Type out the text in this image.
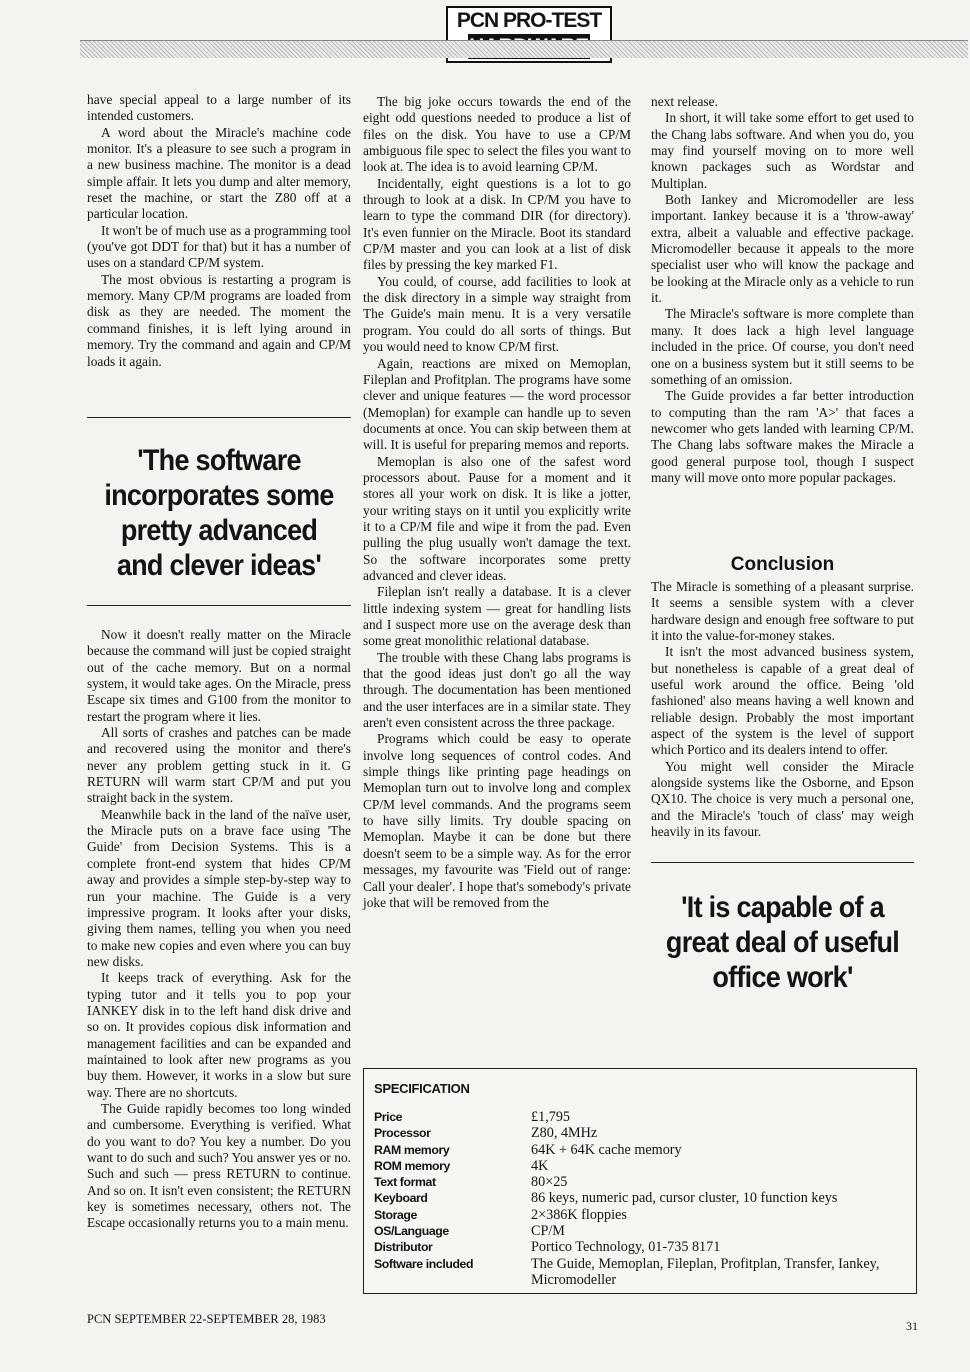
PCN PRO-TEST

have special appeal to a large number of its intended customers.

A word about the Miracle's machine code monitor. It's a pleasure to see such a program in a new business machine. The monitor is a dead simple affair. It lets you dump and alter memory, reset the machine, or start the Z80 off at a particular location.

It won't be of much use as a programming tool (you've got DDT for that) but it has a number of uses on a standard CP/M system.

The most obvious is restarting a program is memory. Many CP/M programs are loaded from disk as they are needed. The moment the command finishes, it is left lying around in memory. Try the command and again and CP/M loads it again.

'The software incorporates some pretty advanced and clever ideas'

Now it doesn't really matter on the Miracle because the command will just be copied straight out of the cache memory. But on a normal system, it would take ages. On the Miracle, press Escape six times and G100 from the monitor to restart the program where it lies.

All sorts of crashes and patches can be made and recovered using the monitor and there's never any problem getting stuck in it. G RETURN will warm start CP/M and put you straight back in the system.

Meanwhile back in the land of the naïve user, the Miracle puts on a brave face using 'The Guide' from Decision Systems. This is a complete front-end system that hides CP/M away and provides a simple step-by-step way to run your machine. The Guide is a very impressive program. It looks after your disks, giving them names, telling you when you need to make new copies and even where you can buy new disks.

It keeps track of everything. Ask for the typing tutor and it tells you to pop your IANKEY disk in to the left hand disk drive and so on. It provides copious disk information and management facilities and can be expanded and maintained to look after new programs as you buy them. However, it works in a slow but sure way. There are no shortcuts.

The Guide rapidly becomes too long winded and cumbersome. Everything is verified. What do you want to do? You key a number. Do you want to do such and such? You answer yes or no. Such and such — press RETURN to continue. And so on. It isn't even consistent; the RETURN key is sometimes necessary, others not. The Escape occasionally returns you to a main menu.

The big joke occurs towards the end of the eight odd questions needed to produce a list of files on the disk. You have to use a CP/M ambiguous file spec to select the files you want to look at. The idea is to avoid learning CP/M.

Incidentally, eight questions is a lot to go through to look at a disk. In CP/M you have to learn to type the command DIR (for directory). It's even funnier on the Miracle. Boot its standard CP/M master and you can look at a list of disk files by pressing the key marked F1.

You could, of course, add facilities to look at the disk directory in a simple way straight from The Guide's main menu. It is a very versatile program. You could do all sorts of things. But you would need to know CP/M first.

Again, reactions are mixed on Memoplan, Fileplan and Profitplan. The programs have some clever and unique features — the word processor (Memoplan) for example can handle up to seven documents at once. You can skip between them at will. It is useful for preparing memos and reports.

Memoplan is also one of the safest word processors about. Pause for a moment and it stores all your work on disk. It is like a jotter, your writing stays on it until you explicitly write it to a CP/M file and wipe it from the pad. Even pulling the plug usually won't damage the text. So the software incorporates some pretty advanced and clever ideas.

Fileplan isn't really a database. It is a clever little indexing system — great for handling lists and I suspect more use on the average desk than some great monolithic relational database.

The trouble with these Chang labs programs is that the good ideas just don't go all the way through. The documentation has been mentioned and the user interfaces are in a similar state. They aren't even consistent across the three package.

Programs which could be easy to operate involve long sequences of control codes. And simple things like printing page headings on Memoplan turn out to involve long and complex CP/M level commands. And the programs seem to have silly limits. Try double spacing on Memoplan. Maybe it can be done but there doesn't seem to be a simple way. As for the error messages, my favourite was 'Field out of range: Call your dealer'. I hope that's somebody's private joke that will be removed from the

next release.

In short, it will take some effort to get used to the Chang labs software. And when you do, you may find yourself moving on to more well known packages such as Wordstar and Multiplan.

Both Iankey and Micromodeller are less important. Iankey because it is a 'throw-away' extra, albeit a valuable and effective package. Micromodeller because it appeals to the more specialist user who will know the package and be looking at the Miracle only as a vehicle to run it.

The Miracle's software is more complete than many. It does lack a high level language included in the price. Of course, you don't need one on a business system but it still seems to be something of an omission.

The Guide provides a far better introduction to computing than the ram 'A>' that faces a newcomer who gets landed with learning CP/M. The Chang labs software makes the Miracle a good general purpose tool, though I suspect many will move onto more popular packages.

Conclusion

The Miracle is something of a pleasant surprise. It seems a sensible system with a clever hardware design and enough free software to put it into the value-for-money stakes.

It isn't the most advanced business system, but nonetheless is capable of a great deal of useful work around the office. Being 'old fashioned' also means having a well known and reliable design. Probably the most important aspect of the system is the level of support which Portico and its dealers intend to offer.

You might well consider the Miracle alongside systems like the Osborne, and Epson QX10. The choice is very much a personal one, and the Miracle's 'touch of class' may weigh heavily in its favour.

'It is capable of a great deal of useful office work'
SPECIFICATION
Price	£1,795
Processor	Z80, 4MHz
RAM memory	64K + 64K cache memory
ROM memory	4K
Text format	80×25
Keyboard	86 keys, numeric pad, cursor cluster, 10 function keys
Storage	2×386K floppies
OS/Language	CP/M
Distributor	Portico Technology, 01-735 8171
Software included	The Guide, Memoplan, Fileplan, Profitplan, Transfer, Iankey, Micromodeller
PCN SEPTEMBER 22-SEPTEMBER 28, 1983	31
